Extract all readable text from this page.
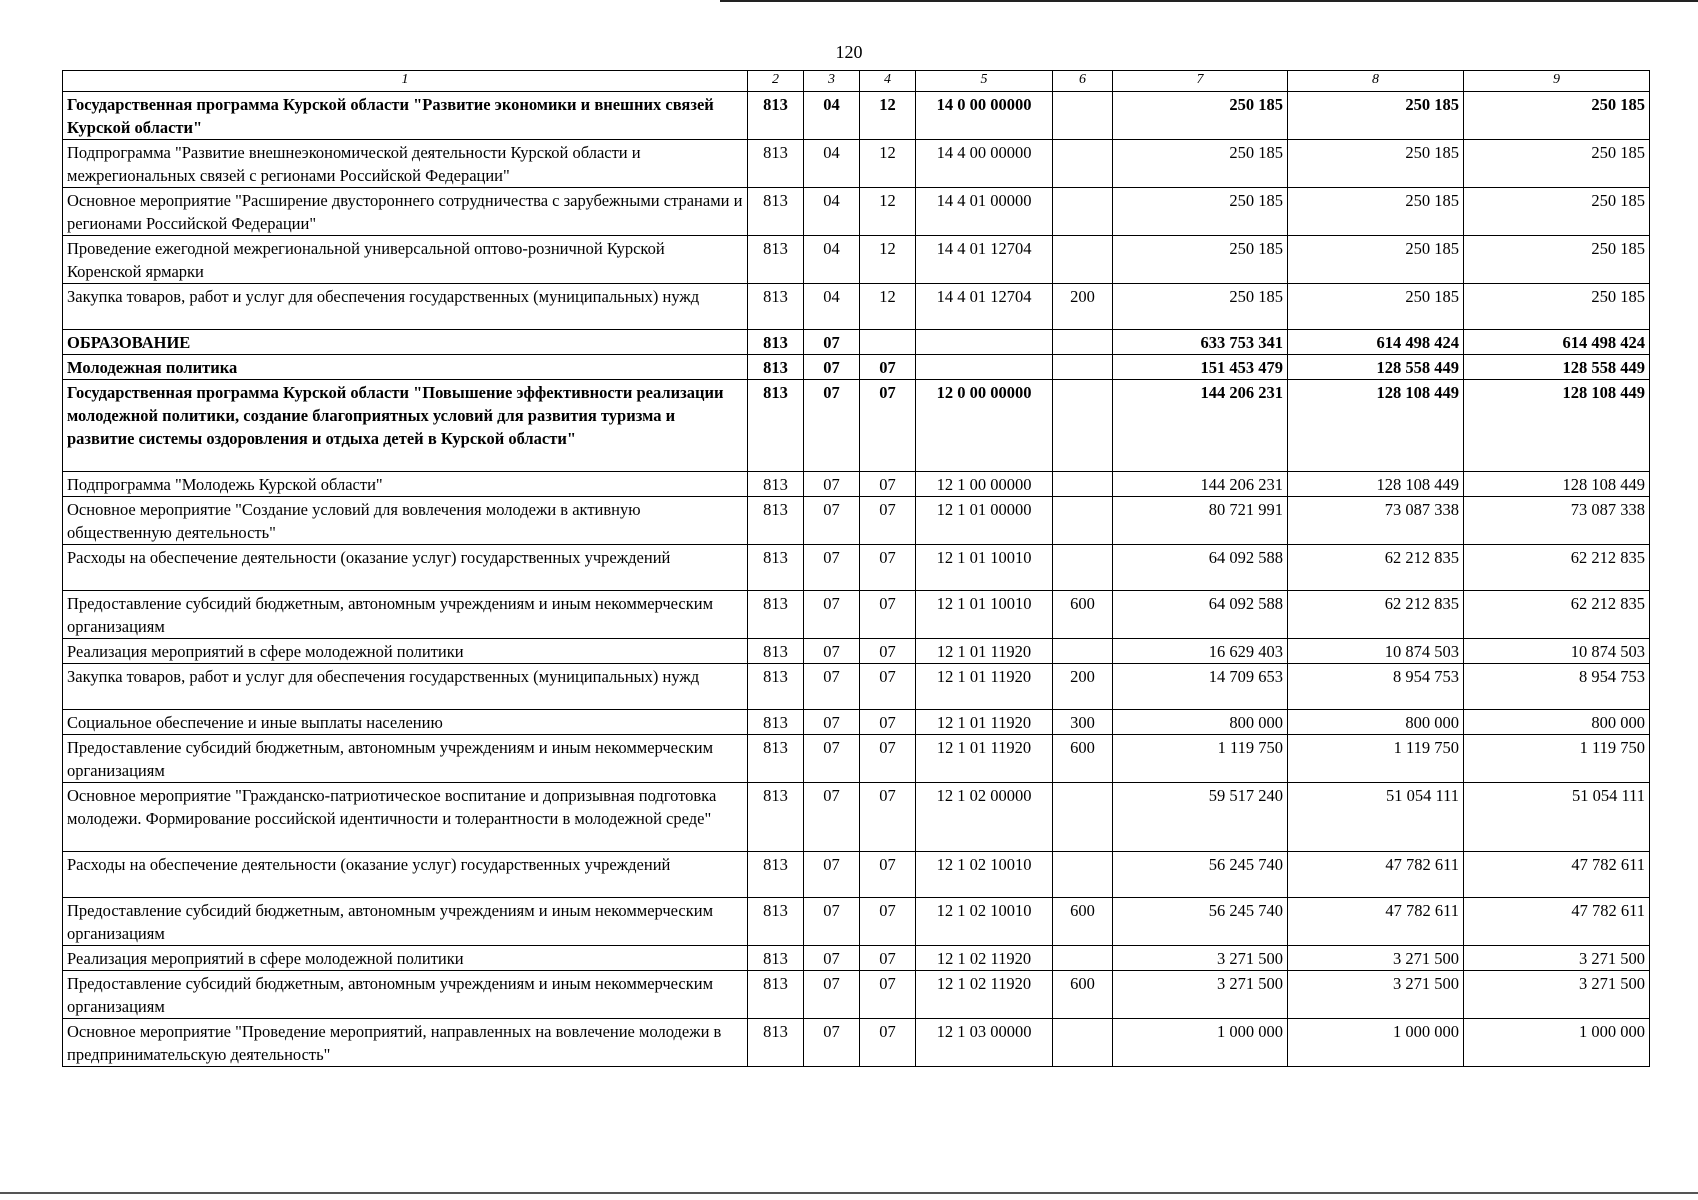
120
1	2	3	4	5	6	7	8	9
Государственная программа Курской области "Развитие экономики и внешних связей Курской области"	813	04	12	14 0 00 00000		250 185	250 185	250 185
Подпрограмма "Развитие внешнеэкономической деятельности Курской области и межрегиональных связей с регионами Российской Федерации"	813	04	12	14 4 00 00000		250 185	250 185	250 185
Основное мероприятие "Расширение двустороннего сотрудничества с зарубежными странами и регионами Российской Федерации"	813	04	12	14 4 01 00000		250 185	250 185	250 185
Проведение ежегодной межрегиональной универсальной оптово-розничной Курской Коренской ярмарки	813	04	12	14 4 01 12704		250 185	250 185	250 185
Закупка товаров, работ и услуг для обеспечения государственных (муниципальных) нужд	813	04	12	14 4 01 12704	200	250 185	250 185	250 185
ОБРАЗОВАНИЕ	813	07				633 753 341	614 498 424	614 498 424
Молодежная политика	813	07	07			151 453 479	128 558 449	128 558 449
Государственная программа Курской области "Повышение эффективности реализации молодежной политики, создание благоприятных условий для развития туризма и развитие системы оздоровления и отдыха детей в Курской области"	813	07	07	12 0 00 00000		144 206 231	128 108 449	128 108 449
Подпрограмма "Молодежь Курской области"	813	07	07	12 1 00 00000		144 206 231	128 108 449	128 108 449
Основное мероприятие "Создание условий для вовлечения молодежи в активную общественную деятельность"	813	07	07	12 1 01 00000		80 721 991	73 087 338	73 087 338
Расходы на обеспечение деятельности (оказание услуг) государственных учреждений	813	07	07	12 1 01 10010		64 092 588	62 212 835	62 212 835
Предоставление субсидий бюджетным, автономным учреждениям и иным некоммерческим организациям	813	07	07	12 1 01 10010	600	64 092 588	62 212 835	62 212 835
Реализация мероприятий в сфере молодежной политики	813	07	07	12 1 01 11920		16 629 403	10 874 503	10 874 503
Закупка товаров, работ и услуг для обеспечения государственных (муниципальных) нужд	813	07	07	12 1 01 11920	200	14 709 653	8 954 753	8 954 753
Социальное обеспечение и иные выплаты населению	813	07	07	12 1 01 11920	300	800 000	800 000	800 000
Предоставление субсидий бюджетным, автономным учреждениям и иным некоммерческим организациям	813	07	07	12 1 01 11920	600	1 119 750	1 119 750	1 119 750
Основное мероприятие "Гражданско-патриотическое воспитание и допризывная подготовка молодежи. Формирование российской идентичности и толерантности в молодежной среде"	813	07	07	12 1 02 00000		59 517 240	51 054 111	51 054 111
Расходы на обеспечение деятельности (оказание услуг) государственных учреждений	813	07	07	12 1 02 10010		56 245 740	47 782 611	47 782 611
Предоставление субсидий бюджетным, автономным учреждениям и иным некоммерческим организациям	813	07	07	12 1 02 10010	600	56 245 740	47 782 611	47 782 611
Реализация мероприятий в сфере молодежной политики	813	07	07	12 1 02 11920		3 271 500	3 271 500	3 271 500
Предоставление субсидий бюджетным, автономным учреждениям и иным некоммерческим организациям	813	07	07	12 1 02 11920	600	3 271 500	3 271 500	3 271 500
Основное мероприятие "Проведение мероприятий, направленных на вовлечение молодежи в предпринимательскую деятельность"	813	07	07	12 1 03 00000		1 000 000	1 000 000	1 000 000
